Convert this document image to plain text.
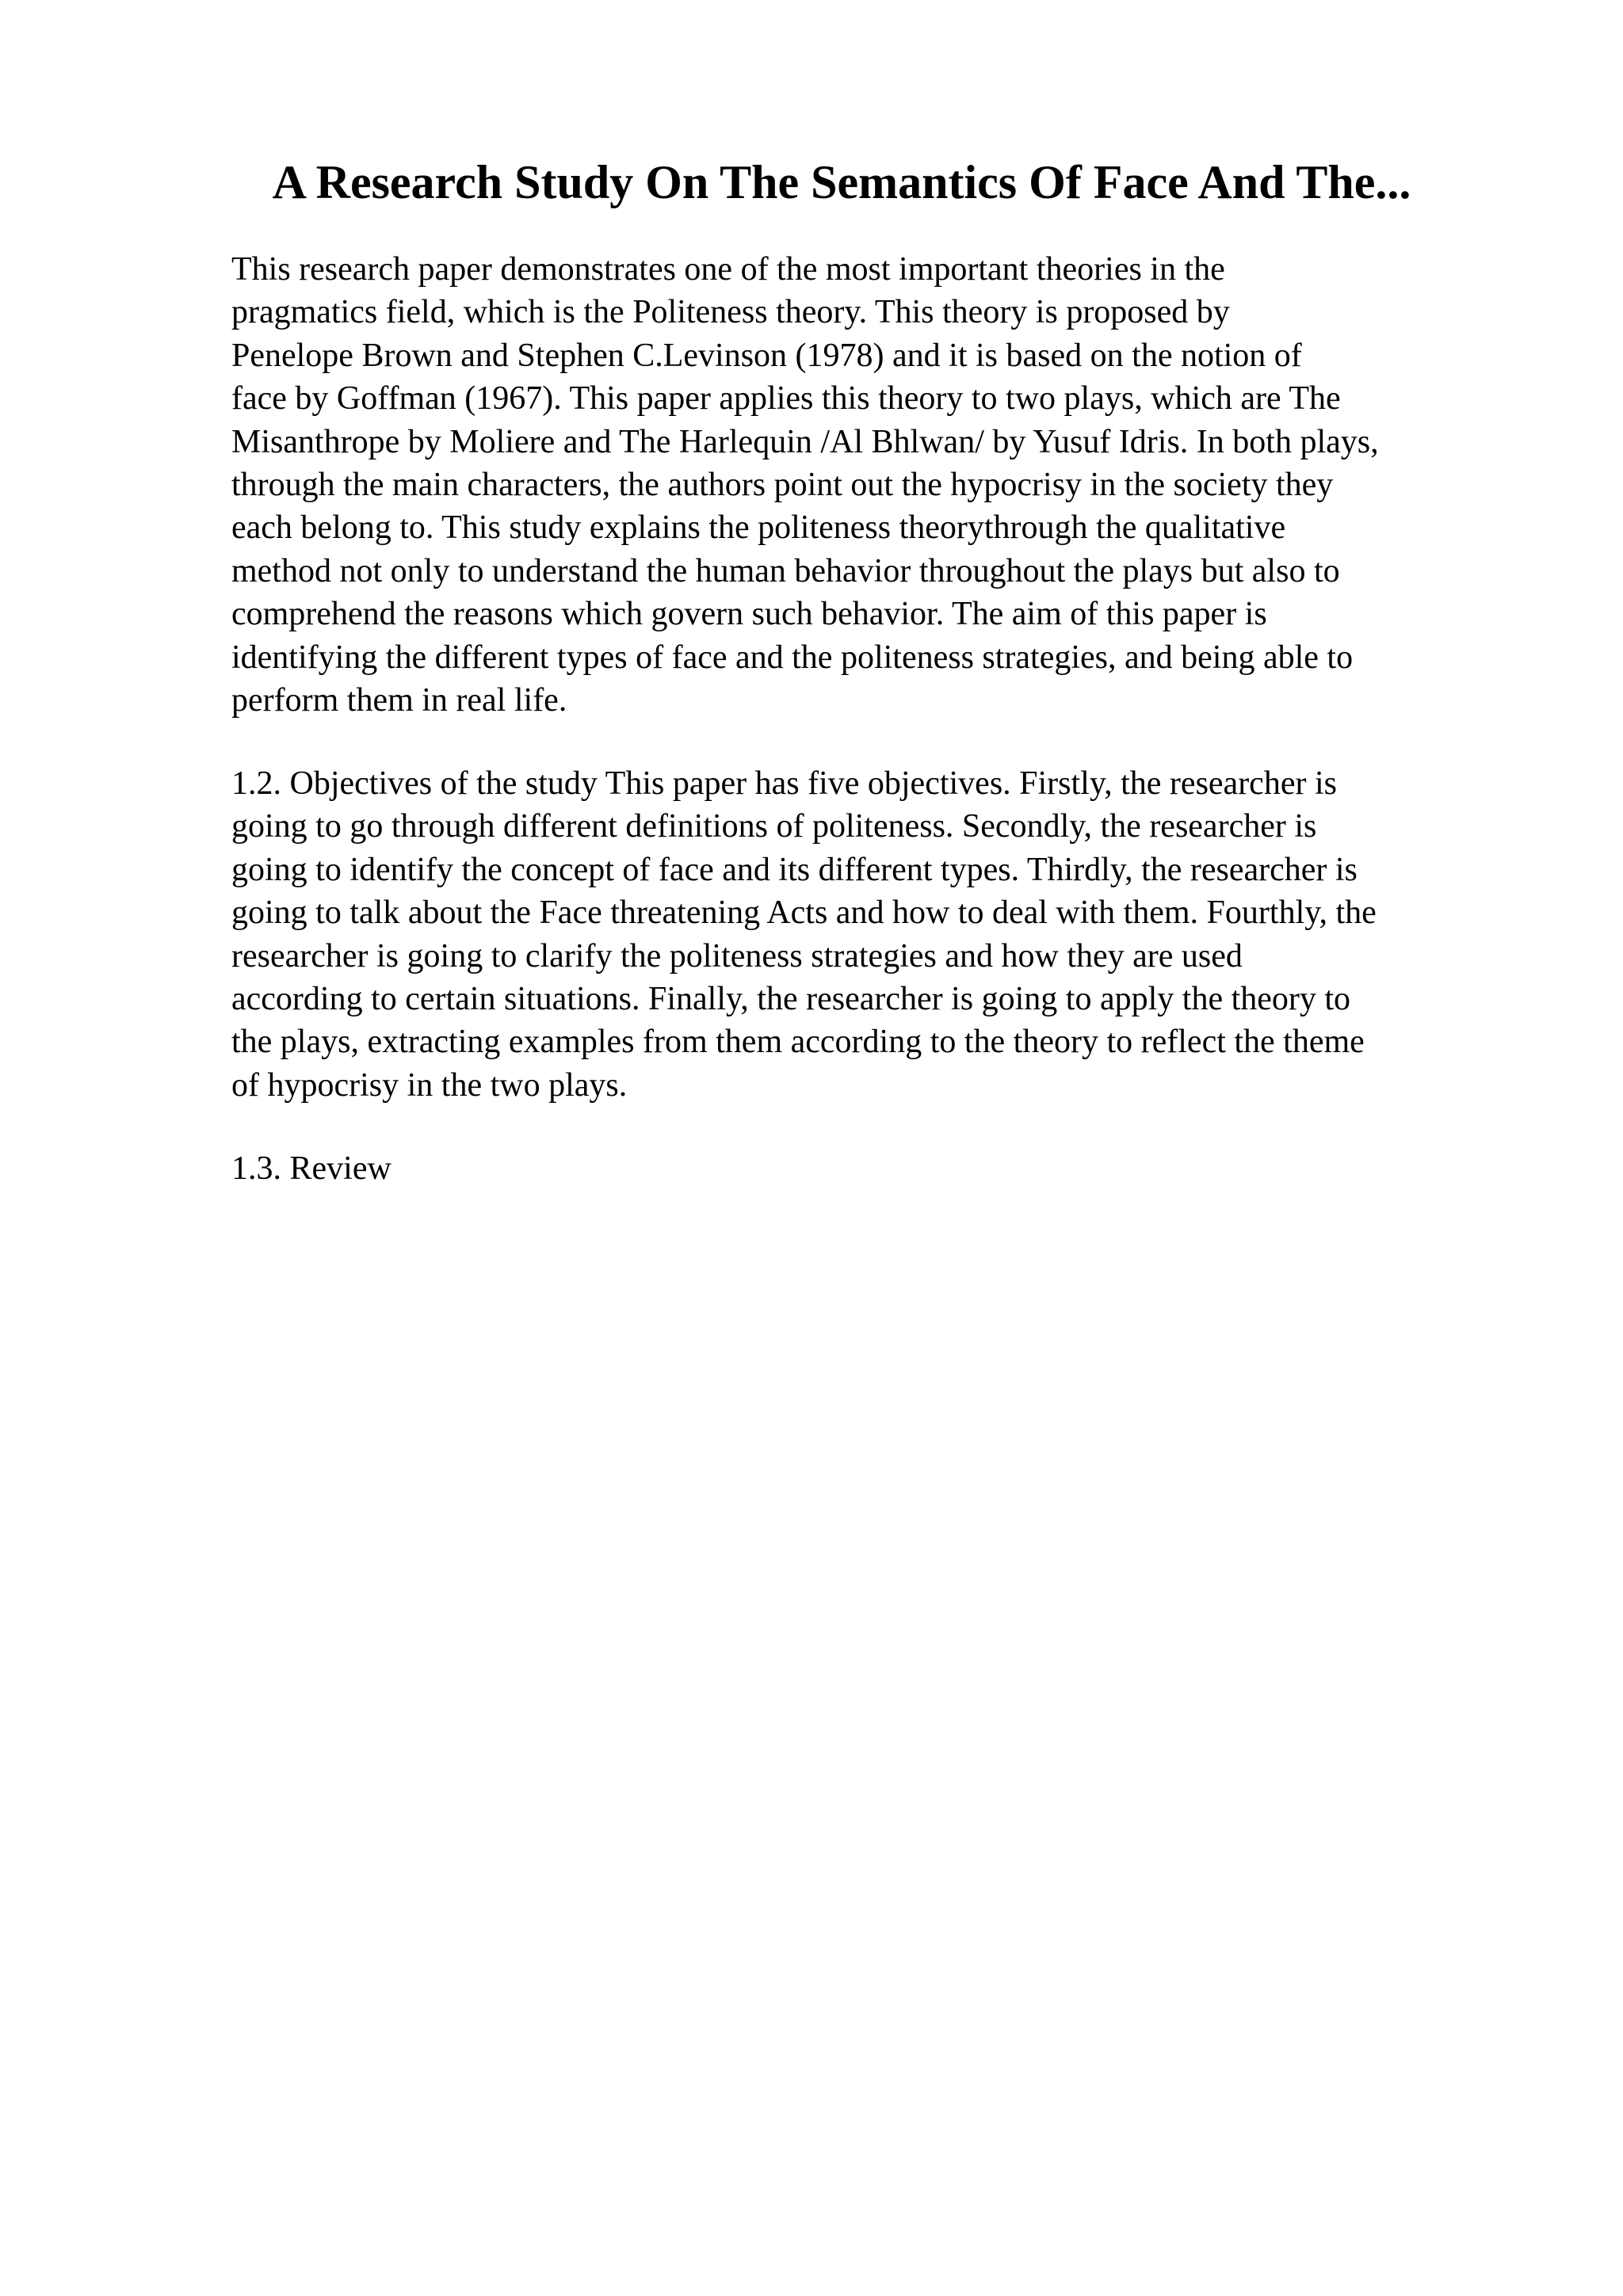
A Research Study On The Semantics Of Face And The...

This research paper demonstrates one of the most important theories in the
pragmatics field, which is the Politeness theory. This theory is proposed by
Penelope Brown and Stephen C.Levinson (1978) and it is based on the notion of
face by Goffman (1967). This paper applies this theory to two plays, which are The
Misanthrope by Moliere and The Harlequin /Al Bhlwan/ by Yusuf Idris. In both plays,
through the main characters, the authors point out the hypocrisy in the society they
each belong to. This study explains the politeness theorythrough the qualitative
method not only to understand the human behavior throughout the plays but also to
comprehend the reasons which govern such behavior. The aim of this paper is
identifying the different types of face and the politeness strategies, and being able to
perform them in real life.

1.2. Objectives of the study This paper has five objectives. Firstly, the researcher is
going to go through different definitions of politeness. Secondly, the researcher is
going to identify the concept of face and its different types. Thirdly, the researcher is
going to talk about the Face threatening Acts and how to deal with them. Fourthly, the
researcher is going to clarify the politeness strategies and how they are used
according to certain situations. Finally, the researcher is going to apply the theory to
the plays, extracting examples from them according to the theory to reflect the theme
of hypocrisy in the two plays.

1.3. Review
